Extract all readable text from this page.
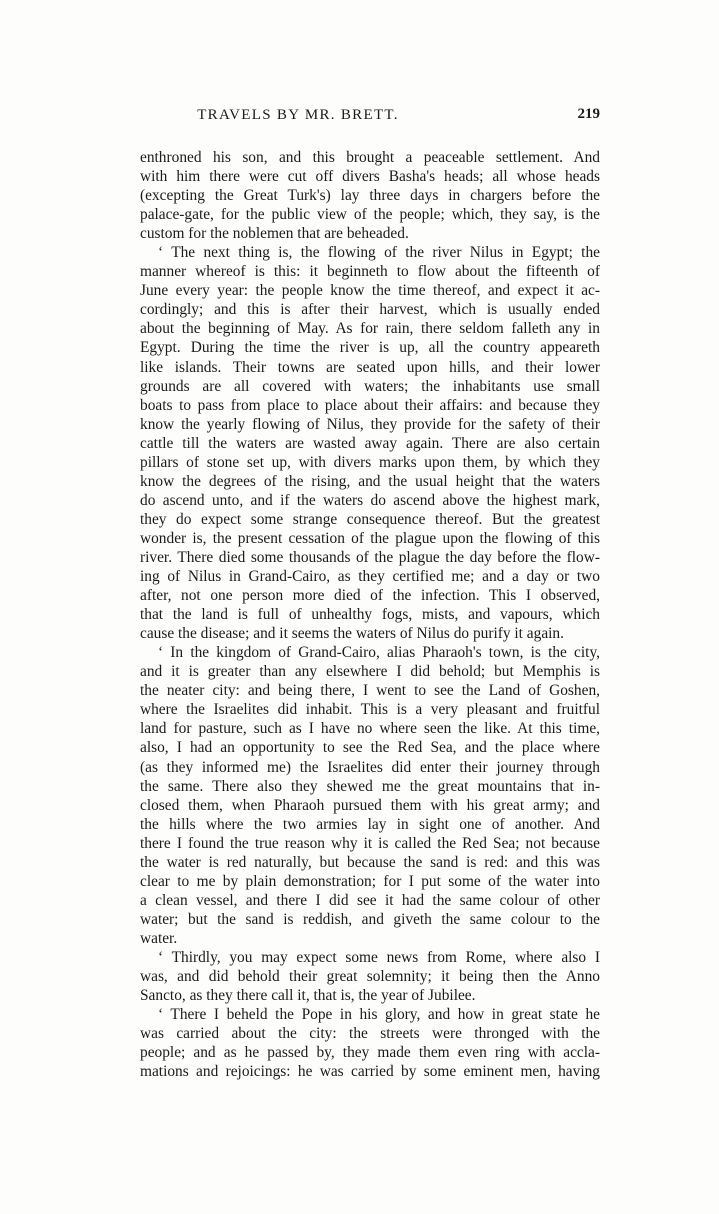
TRAVELS BY MR. BRETT.	219
enthroned his son, and this brought a peaceable settlement. And
with him there were cut off divers Basha's heads; all whose heads
(excepting the Great Turk's) lay three days in chargers before the
palace-gate, for the public view of the people; which, they say, is the
custom for the noblemen that are beheaded.
‘ The next thing is, the flowing of the river Nilus in Egypt; the
manner whereof is this: it beginneth to flow about the fifteenth of
June every year: the people know the time thereof, and expect it ac-
cordingly; and this is after their harvest, which is usually ended
about the beginning of May. As for rain, there seldom falleth any in
Egypt. During the time the river is up, all the country appeareth
like islands. Their towns are seated upon hills, and their lower
grounds are all covered with waters; the inhabitants use small
boats to pass from place to place about their affairs: and because they
know the yearly flowing of Nilus, they provide for the safety of their
cattle till the waters are wasted away again. There are also certain
pillars of stone set up, with divers marks upon them, by which they
know the degrees of the rising, and the usual height that the waters
do ascend unto, and if the waters do ascend above the highest mark,
they do expect some strange consequence thereof. But the greatest
wonder is, the present cessation of the plague upon the flowing of this
river. There died some thousands of the plague the day before the flow-
ing of Nilus in Grand-Cairo, as they certified me; and a day or two
after, not one person more died of the infection. This I observed,
that the land is full of unhealthy fogs, mists, and vapours, which
cause the disease; and it seems the waters of Nilus do purify it again.
‘ In the kingdom of Grand-Cairo, alias Pharaoh's town, is the city,
and it is greater than any elsewhere I did behold; but Memphis is
the neater city: and being there, I went to see the Land of Goshen,
where the Israelites did inhabit. This is a very pleasant and fruitful
land for pasture, such as I have no where seen the like. At this time,
also, I had an opportunity to see the Red Sea, and the place where
(as they informed me) the Israelites did enter their journey through
the same. There also they shewed me the great mountains that in-
closed them, when Pharaoh pursued them with his great army; and
the hills where the two armies lay in sight one of another. And
there I found the true reason why it is called the Red Sea; not because
the water is red naturally, but because the sand is red: and this was
clear to me by plain demonstration; for I put some of the water into
a clean vessel, and there I did see it had the same colour of other
water; but the sand is reddish, and giveth the same colour to the
water.
‘ Thirdly, you may expect some news from Rome, where also I
was, and did behold their great solemnity; it being then the Anno
Sancto, as they there call it, that is, the year of Jubilee.
‘ There I beheld the Pope in his glory, and how in great state he
was carried about the city: the streets were thronged with the
people; and as he passed by, they made them even ring with accla-
mations and rejoicings: he was carried by some eminent men, having
